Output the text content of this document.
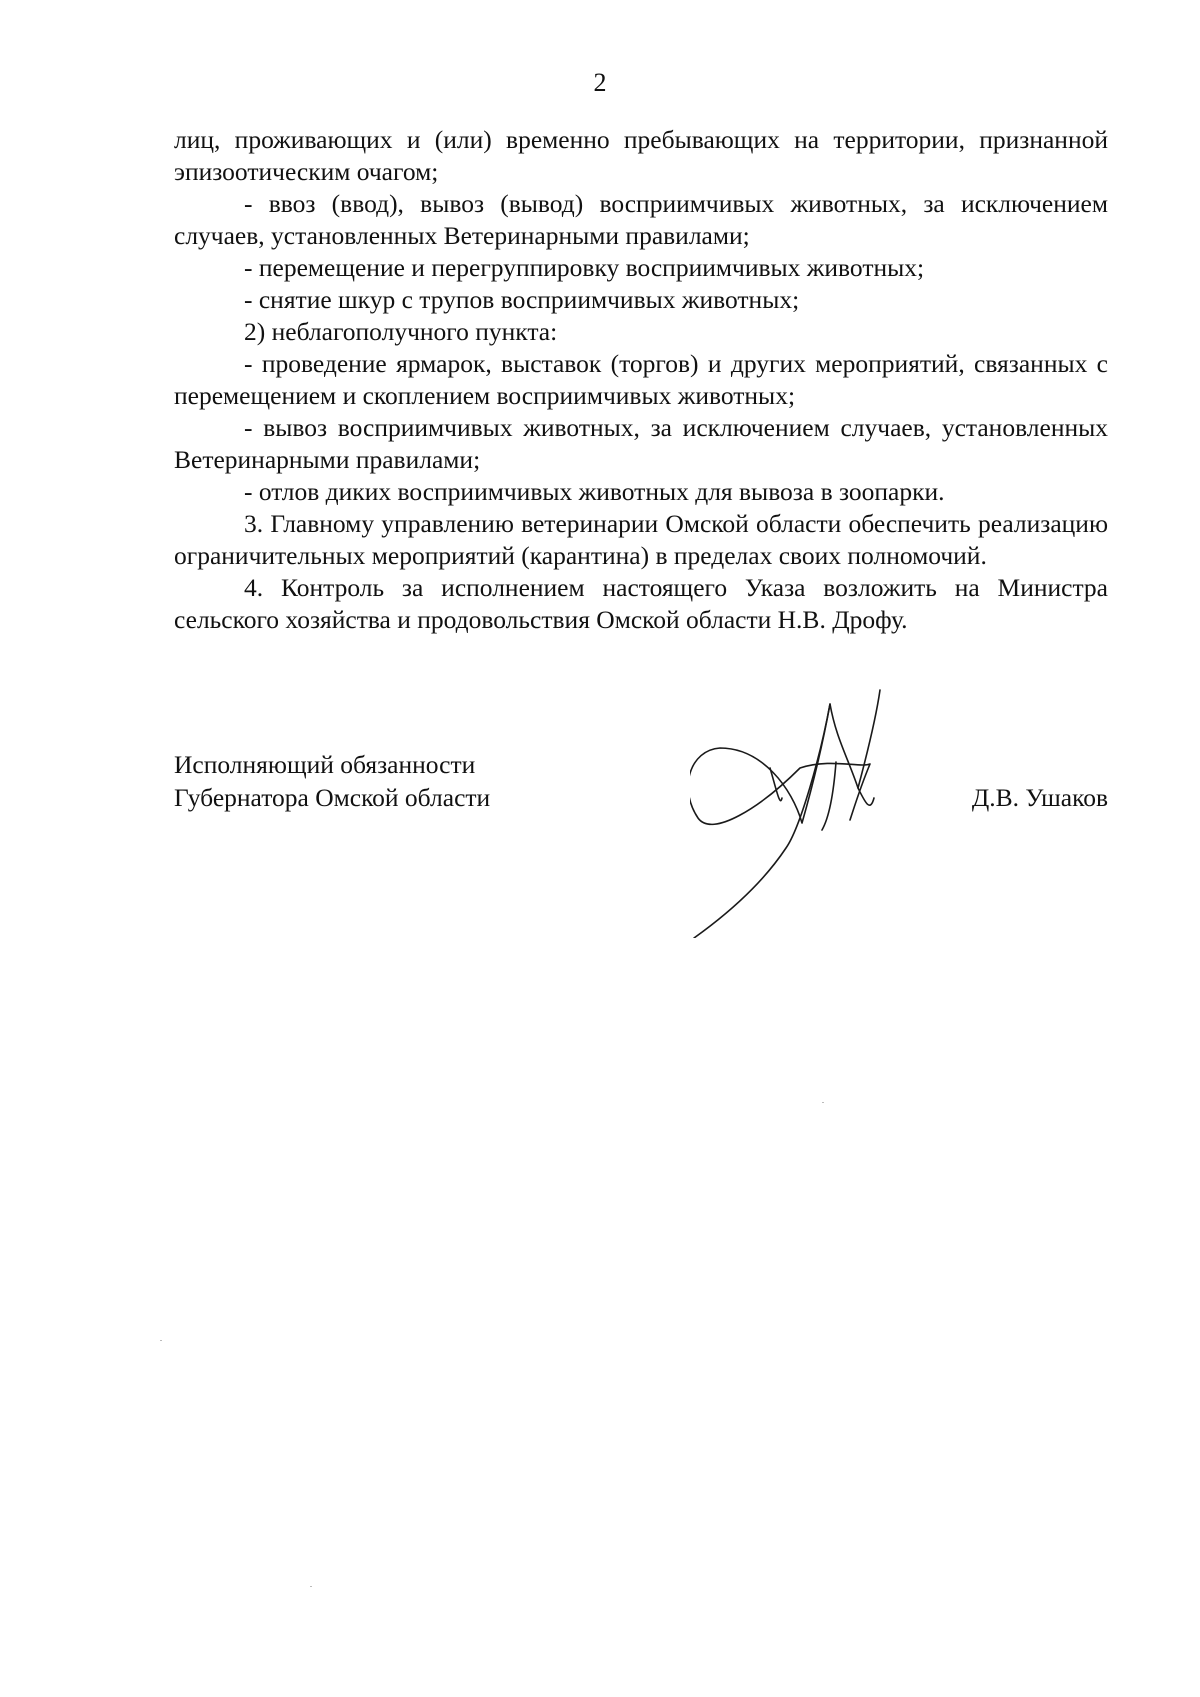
2

лиц, проживающих и (или) временно пребывающих на территории, признанной эпизоотическим очагом;

- ввоз (ввод), вывоз (вывод) восприимчивых животных, за исключением случаев, установленных Ветеринарными правилами;

- перемещение и перегруппировку восприимчивых животных;

- снятие шкур с трупов восприимчивых животных;

2) неблагополучного пункта:

- проведение ярмарок, выставок (торгов) и других мероприятий, связанных с перемещением и скоплением восприимчивых животных;

- вывоз восприимчивых животных, за исключением случаев, установленных Ветеринарными правилами;

- отлов диких восприимчивых животных для вывоза в зоопарки.

3. Главному управлению ветеринарии Омской области обеспечить реализацию ограничительных мероприятий (карантина) в пределах своих полномочий.

4. Контроль за исполнением настоящего Указа возложить на Министра сельского хозяйства и продовольствия Омской области Н.В. Дрофу.

Исполняющий обязанности
Губернатора Омской области	Д.В. Ушаков
